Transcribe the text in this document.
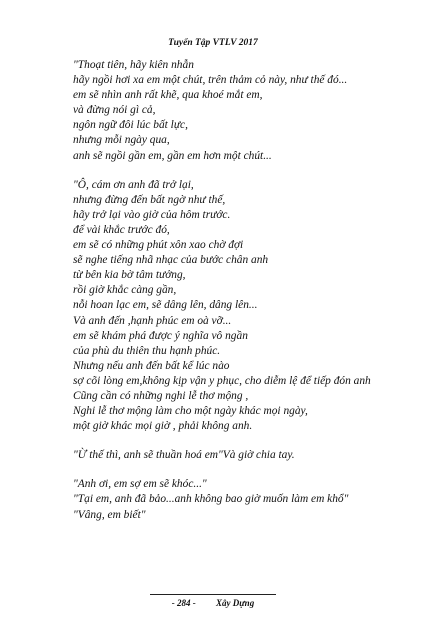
Tuyển Tập VTLV 2017
"Thoạt tiên, hãy kiên nhẫn
hãy ngồi hơi xa em một chút, trên thảm cỏ này, như thế đó...
em sẽ nhìn anh rất khẽ, qua khoé mắt em,
và đừng nói gì cả,
ngôn ngữ đôi lúc bất lực,
nhưng mỗi ngày qua,
anh sẽ ngồi gần em, gần em hơn một chút...
"Ô, cám ơn anh đã trở lại,
nhưng đừng đến bất ngờ như thế,
hãy trở lại vào giờ của hôm trước.
để vài khắc trước đó,
em sẽ có những phút xôn xao chờ đợi
sẽ nghe tiếng nhã nhạc của bước chân anh
từ bên kia bờ tâm tưởng,
rồi giờ khắc càng gần,
nỗi hoan lạc em, sẽ dâng lên, dâng lên...
Và anh đến ,hạnh phúc em oà vỡ...
em sẽ khám phá được ý nghĩa vô ngần
của phù du thiên thu hạnh phúc.
Nhưng nếu anh đến bất kể lúc nào
sợ cõi lòng em,không kịp vận y phục, cho diễm lệ để tiếp đón anh
Cũng cần có những nghi lễ thơ mộng ,
Nghi lễ thơ mộng làm cho một ngày khác mọi ngày,
một giờ khác mọi giờ , phải không anh.
"Ừ thế thì, anh sẽ thuần hoá em"Và giờ chia tay.
"Anh ơi, em sợ em sẽ khóc..."
"Tại em, anh đã bảo...anh không bao giờ muốn làm em khổ"
"Vâng, em biết"
- 284 - Xây Dựng
